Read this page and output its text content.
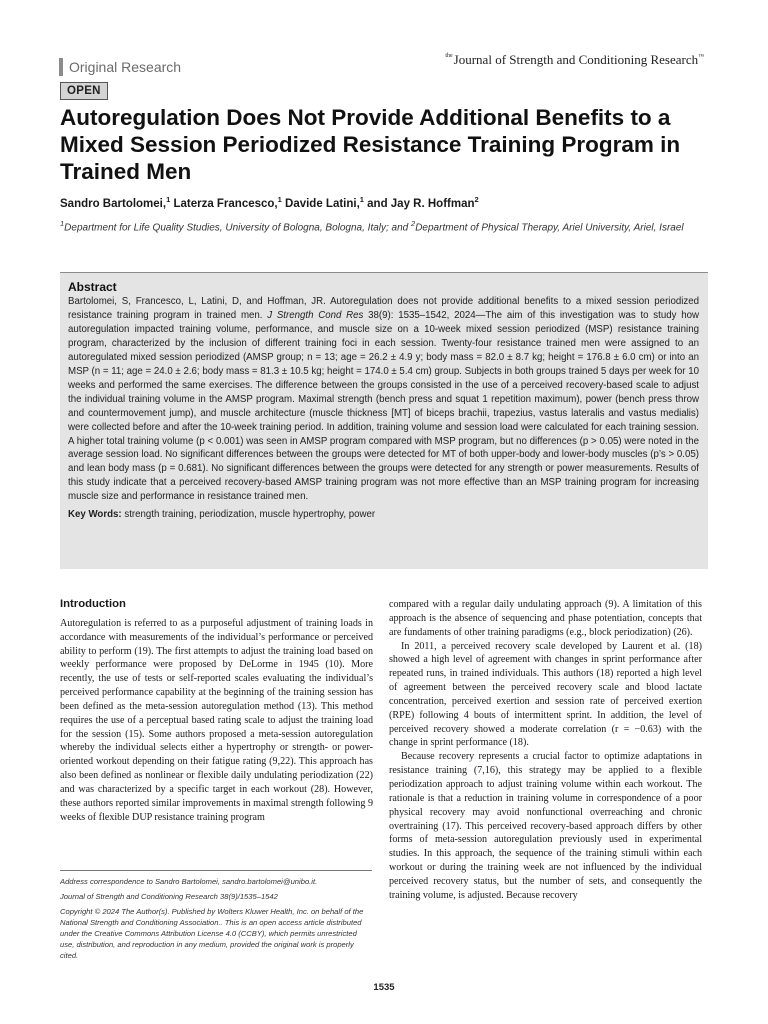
Original Research
$^{the}$Journal of Strength and Conditioning Research™
OPEN
Autoregulation Does Not Provide Additional Benefits to a Mixed Session Periodized Resistance Training Program in Trained Men
Sandro Bartolomei,$^1$ Laterza Francesco,$^1$ Davide Latini,$^1$ and Jay R. Hoffman$^2$
$^1$Department for Life Quality Studies, University of Bologna, Bologna, Italy; and $^2$Department of Physical Therapy, Ariel University, Ariel, Israel
Abstract

Bartolomei, S, Francesco, L, Latini, D, and Hoffman, JR. Autoregulation does not provide additional benefits to a mixed session periodized resistance training program in trained men. J Strength Cond Res 38(9): 1535–1542, 2024—The aim of this investigation was to study how autoregulation impacted training volume, performance, and muscle size on a 10-week mixed session periodized (MSP) resistance training program, characterized by the inclusion of different training foci in each session. Twenty-four resistance trained men were assigned to an autoregulated mixed session periodized (AMSP group; n = 13; age = 26.2 ± 4.9 y; body mass = 82.0 ± 8.7 kg; height = 176.8 ± 6.0 cm) or into an MSP (n = 11; age = 24.0 ± 2.6; body mass = 81.3 ± 10.5 kg; height = 174.0 ± 5.4 cm) group. Subjects in both groups trained 5 days per week for 10 weeks and performed the same exercises. The difference between the groups consisted in the use of a perceived recovery-based scale to adjust the individual training volume in the AMSP program. Maximal strength (bench press and squat 1 repetition maximum), power (bench press throw and countermovement jump), and muscle architecture (muscle thickness [MT] of biceps brachii, trapezius, vastus lateralis and vastus medialis) were collected before and after the 10-week training period. In addition, training volume and session load were calculated for each training session. A higher total training volume (p < 0.001) was seen in AMSP program compared with MSP program, but no differences (p > 0.05) were noted in the average session load. No significant differences between the groups were detected for MT of both upper-body and lower-body muscles (p’s > 0.05) and lean body mass (p = 0.681). No significant differences between the groups were detected for any strength or power measurements. Results of this study indicate that a perceived recovery-based AMSP training program was not more effective than an MSP training program for increasing muscle size and performance in resistance trained men.

Key Words: strength training, periodization, muscle hypertrophy, power
Introduction

Autoregulation is referred to as a purposeful adjustment of training loads in accordance with measurements of the individual’s performance or perceived ability to perform (19). The first attempts to adjust the training load based on weekly performance were proposed by DeLorme in 1945 (10). More recently, the use of tests or self-reported scales evaluating the individual’s perceived performance capability at the beginning of the training session has been defined as the meta-session autoregulation method (13). This method requires the use of a perceptual based rating scale to adjust the training load for the session (15). Some authors proposed a meta-session autoregulation whereby the individual selects either a hypertrophy or strength- or power-oriented workout depending on their fatigue rating (9,22). This approach has also been defined as nonlinear or flexible daily undulating periodization (22) and was characterized by a specific target in each workout (28). However, these authors reported similar improvements in maximal strength following 9 weeks of flexible DUP resistance training program

Address correspondence to Sandro Bartolomei, sandro.bartolomei@unibo.it.

Journal of Strength and Conditioning Research 38(9)/1535–1542

Copyright © 2024 The Author(s). Published by Wolters Kluwer Health, Inc. on behalf of the National Strength and Conditioning Association.. This is an open access article distributed under the Creative Commons Attribution License 4.0 (CCBY), which permits unrestricted use, distribution, and reproduction in any medium, provided the original work is properly cited.

compared with a regular daily undulating approach (9). A limitation of this approach is the absence of sequencing and phase potentiation, concepts that are fundaments of other training paradigms (e.g., block periodization) (26).

In 2011, a perceived recovery scale developed by Laurent et al. (18) showed a high level of agreement with changes in sprint performance after repeated runs, in trained individuals. This authors (18) reported a high level of agreement between the perceived recovery scale and blood lactate concentration, perceived exertion and session rate of perceived exertion (RPE) following 4 bouts of intermittent sprint. In addition, the level of perceived recovery showed a moderate correlation (r = −0.63) with the change in sprint performance (18).

Because recovery represents a crucial factor to optimize adaptations in resistance training (7,16), this strategy may be applied to a flexible periodization approach to adjust training volume within each workout. The rationale is that a reduction in training volume in correspondence of a poor physical recovery may avoid nonfunctional overreaching and chronic overtraining (17). This perceived recovery-based approach differs by other forms of meta-session autoregulation previously used in experimental studies. In this approach, the sequence of the training stimuli within each workout or during the training week are not influenced by the individual perceived recovery status, but the number of sets, and consequently the training volume, is adjusted. Because recovery

1535
